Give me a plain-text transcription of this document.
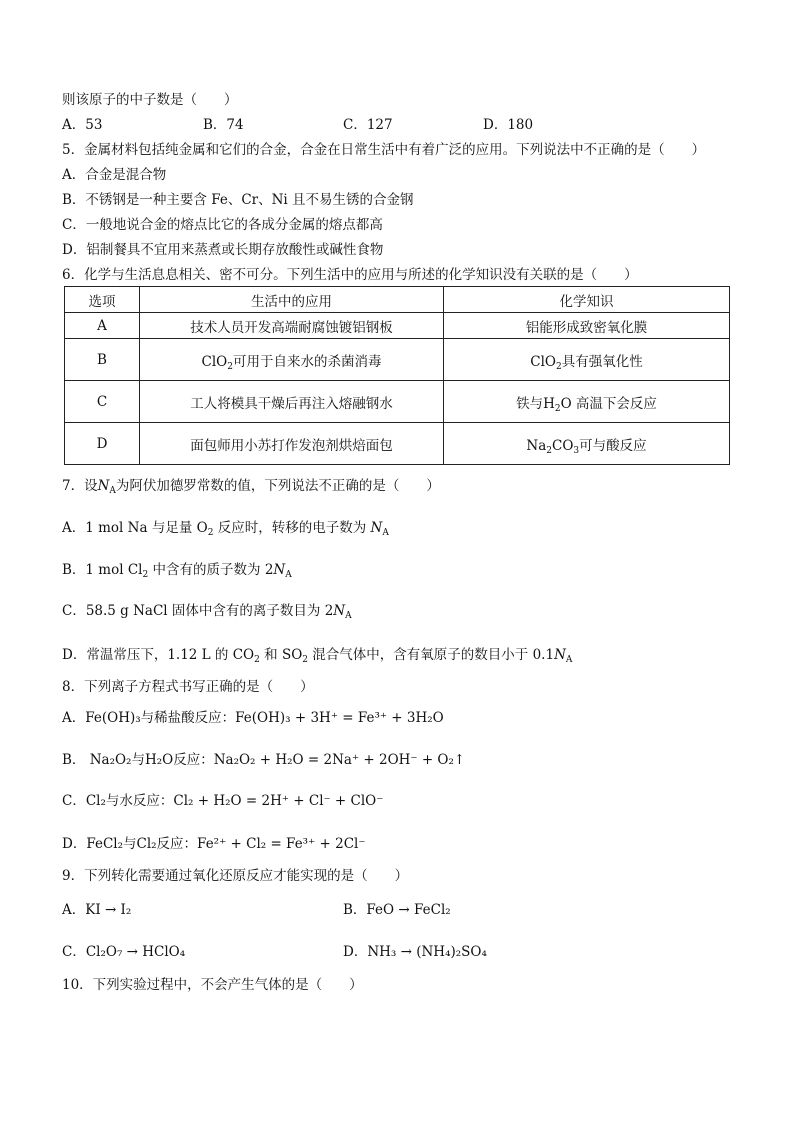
则该原子的中子数是（　　）
A．53	B．74	C．127	D．180
5．金属材料包括纯金属和它们的合金，合金在日常生活中有着广泛的应用。下列说法中不正确的是（　　）
A．合金是混合物
B．不锈钢是一种主要含 Fe、Cr、Ni 且不易生锈的合金钢
C．一般地说合金的熔点比它的各成分金属的熔点都高
D．铝制餐具不宜用来蒸煮或长期存放酸性或碱性食物
6．化学与生活息息相关、密不可分。下列生活中的应用与所述的化学知识没有关联的是（　　）
选项	生活中的应用	化学知识
A	技术人员开发高端耐腐蚀镀铝钢板	铝能形成致密氧化膜
B	ClO$_2$可用于自来水的杀菌消毒	ClO$_2$具有强氧化性
C	工人将模具干燥后再注入熔融钢水	铁与$H_2O$ 高温下会反应
D	面包师用小苏打作发泡剂烘焙面包	$Na_2CO_3$可与酸反应
7．设$N_A$为阿伏加德罗常数的值，下列说法不正确的是（　　）
A．1 mol Na 与足量 $O_2$ 反应时，转移的电子数为 $N_A$
B．1 mol $Cl_2$ 中含有的质子数为 $2N_A$
C．58.5 g NaCl 固体中含有的离子数目为 $2N_A$
D．常温常压下，1.12 L 的 $CO_2$ 和 $SO_2$ 混合气体中，含有氧原子的数目小于 $0.1N_A$
8．下列离子方程式书写正确的是（　　）
A．Fe(OH)₃与稀盐酸反应：Fe(OH)₃ + 3H⁺ = Fe³⁺ + 3H₂O
B． Na₂O₂与H₂O反应：Na₂O₂ + H₂O = 2Na⁺ + 2OH⁻ + O₂↑
C．Cl₂与水反应：Cl₂ + H₂O = 2H⁺ + Cl⁻ + ClO⁻
D．FeCl₂与Cl₂反应：Fe²⁺ + Cl₂ = Fe³⁺ + 2Cl⁻
9．下列转化需要通过氧化还原反应才能实现的是（　　）
A．KI → I₂	B．FeO → FeCl₂
C．Cl₂O₇ → HClO₄	D．NH₃ → (NH₄)₂SO₄
10．下列实验过程中，不会产生气体的是（　　）
